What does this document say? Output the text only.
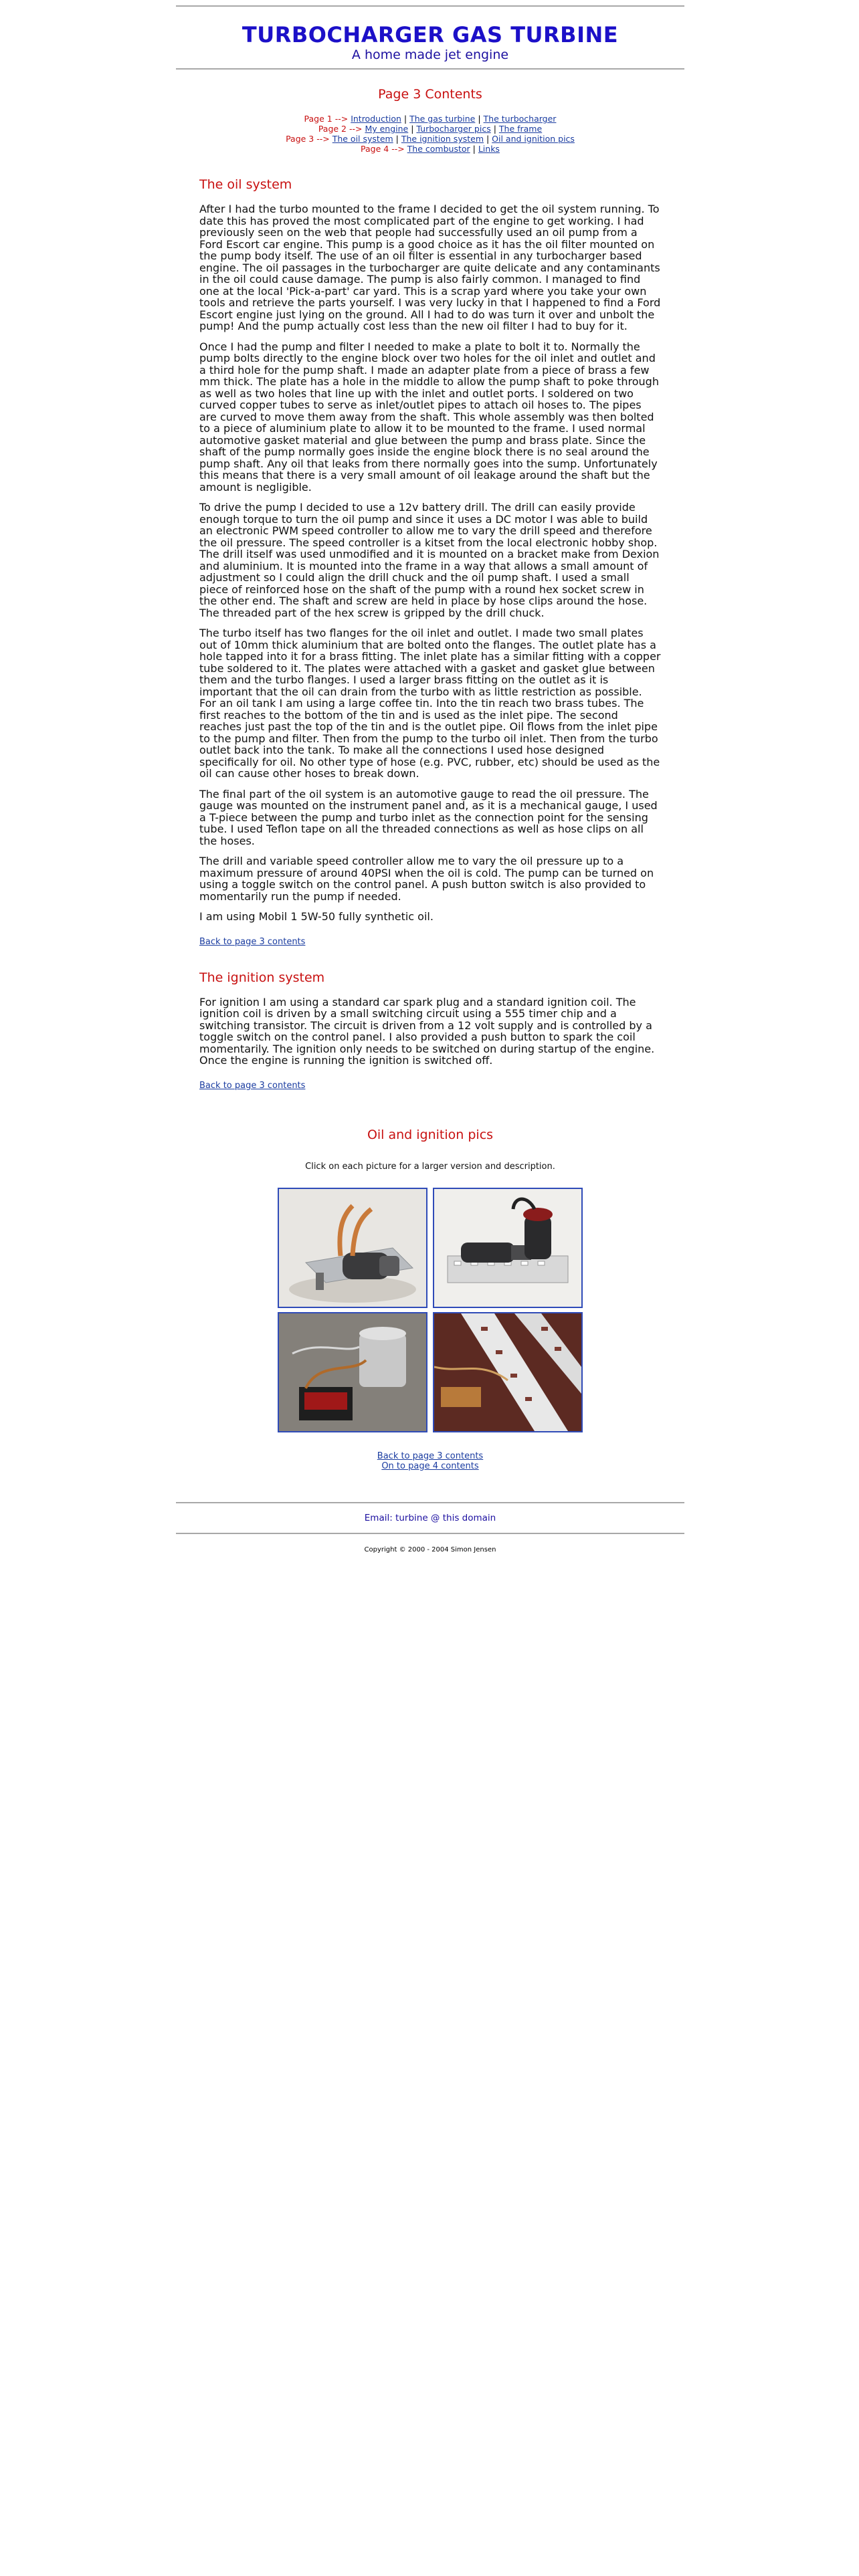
TURBOCHARGER GAS TURBINE
A home made jet engine
Page 3 Contents
Page 1 --> Introduction | The gas turbine | The turbocharger
Page 2 --> My engine | Turbocharger pics | The frame
Page 3 --> The oil system | The ignition system | Oil and ignition pics
Page 4 --> The combustor | Links
The oil system

After I had the turbo mounted to the frame I decided to get the oil system running. To date this has proved the most complicated part of the engine to get working. I had previously seen on the web that people had successfully used an oil pump from a Ford Escort car engine. This pump is a good choice as it has the oil filter mounted on the pump body itself. The use of an oil filter is essential in any turbocharger based engine. The oil passages in the turbocharger are quite delicate and any contaminants in the oil could cause damage. The pump is also fairly common. I managed to find one at the local 'Pick-a-part' car yard. This is a scrap yard where you take your own tools and retrieve the parts yourself. I was very lucky in that I happened to find a Ford Escort engine just lying on the ground. All I had to do was turn it over and unbolt the pump! And the pump actually cost less than the new oil filter I had to buy for it.

Once I had the pump and filter I needed to make a plate to bolt it to. Normally the pump bolts directly to the engine block over two holes for the oil inlet and outlet and a third hole for the pump shaft. I made an adapter plate from a piece of brass a few mm thick. The plate has a hole in the middle to allow the pump shaft to poke through as well as two holes that line up with the inlet and outlet ports. I soldered on two curved copper tubes to serve as inlet/outlet pipes to attach oil hoses to. The pipes are curved to move them away from the shaft. This whole assembly was then bolted to a piece of aluminium plate to allow it to be mounted to the frame. I used normal automotive gasket material and glue between the pump and brass plate. Since the shaft of the pump normally goes inside the engine block there is no seal around the pump shaft. Any oil that leaks from there normally goes into the sump. Unfortunately this means that there is a very small amount of oil leakage around the shaft but the amount is negligible.

To drive the pump I decided to use a 12v battery drill. The drill can easily provide enough torque to turn the oil pump and since it uses a DC motor I was able to build an electronic PWM speed controller to allow me to vary the drill speed and therefore the oil pressure. The speed controller is a kitset from the local electronic hobby shop. The drill itself was used unmodified and it is mounted on a bracket make from Dexion and aluminium. It is mounted into the frame in a way that allows a small amount of adjustment so I could align the drill chuck and the oil pump shaft. I used a small piece of reinforced hose on the shaft of the pump with a round hex socket screw in the other end. The shaft and screw are held in place by hose clips around the hose. The threaded part of the hex screw is gripped by the drill chuck.

The turbo itself has two flanges for the oil inlet and outlet. I made two small plates out of 10mm thick aluminium that are bolted onto the flanges. The outlet plate has a hole tapped into it for a brass fitting. The inlet plate has a similar fitting with a copper tube soldered to it. The plates were attached with a gasket and gasket glue between them and the turbo flanges. I used a larger brass fitting on the outlet as it is important that the oil can drain from the turbo with as little restriction as possible. For an oil tank I am using a large coffee tin. Into the tin reach two brass tubes. The first reaches to the bottom of the tin and is used as the inlet pipe. The second reaches just past the top of the tin and is the outlet pipe. Oil flows from the inlet pipe to the pump and filter. Then from the pump to the turbo oil inlet. Then from the turbo outlet back into the tank. To make all the connections I used hose designed specifically for oil. No other type of hose (e.g. PVC, rubber, etc) should be used as the oil can cause other hoses to break down.

The final part of the oil system is an automotive gauge to read the oil pressure. The gauge was mounted on the instrument panel and, as it is a mechanical gauge, I used a T-piece between the pump and turbo inlet as the connection point for the sensing tube. I used Teflon tape on all the threaded connections as well as hose clips on all the hoses.

The drill and variable speed controller allow me to vary the oil pressure up to a maximum pressure of around 40PSI when the oil is cold. The pump can be turned on using a toggle switch on the control panel. A push button switch is also provided to momentarily run the pump if needed.

I am using Mobil 1 5W-50 fully synthetic oil.

Back to page 3 contents
The ignition system

For ignition I am using a standard car spark plug and a standard ignition coil. The ignition coil is driven by a small switching circuit using a 555 timer chip and a switching transistor. The circuit is driven from a 12 volt supply and is controlled by a toggle switch on the control panel. I also provided a push button to spark the coil momentarily. The ignition only needs to be switched on during startup of the engine. Once the engine is running the ignition is switched off.

Back to page 3 contents
Oil and ignition pics
Click on each picture for a larger version and description.
Back to page 3 contents
On to page 4 contents
Email: turbine @ this domain
Copyright © 2000 - 2004 Simon Jensen
